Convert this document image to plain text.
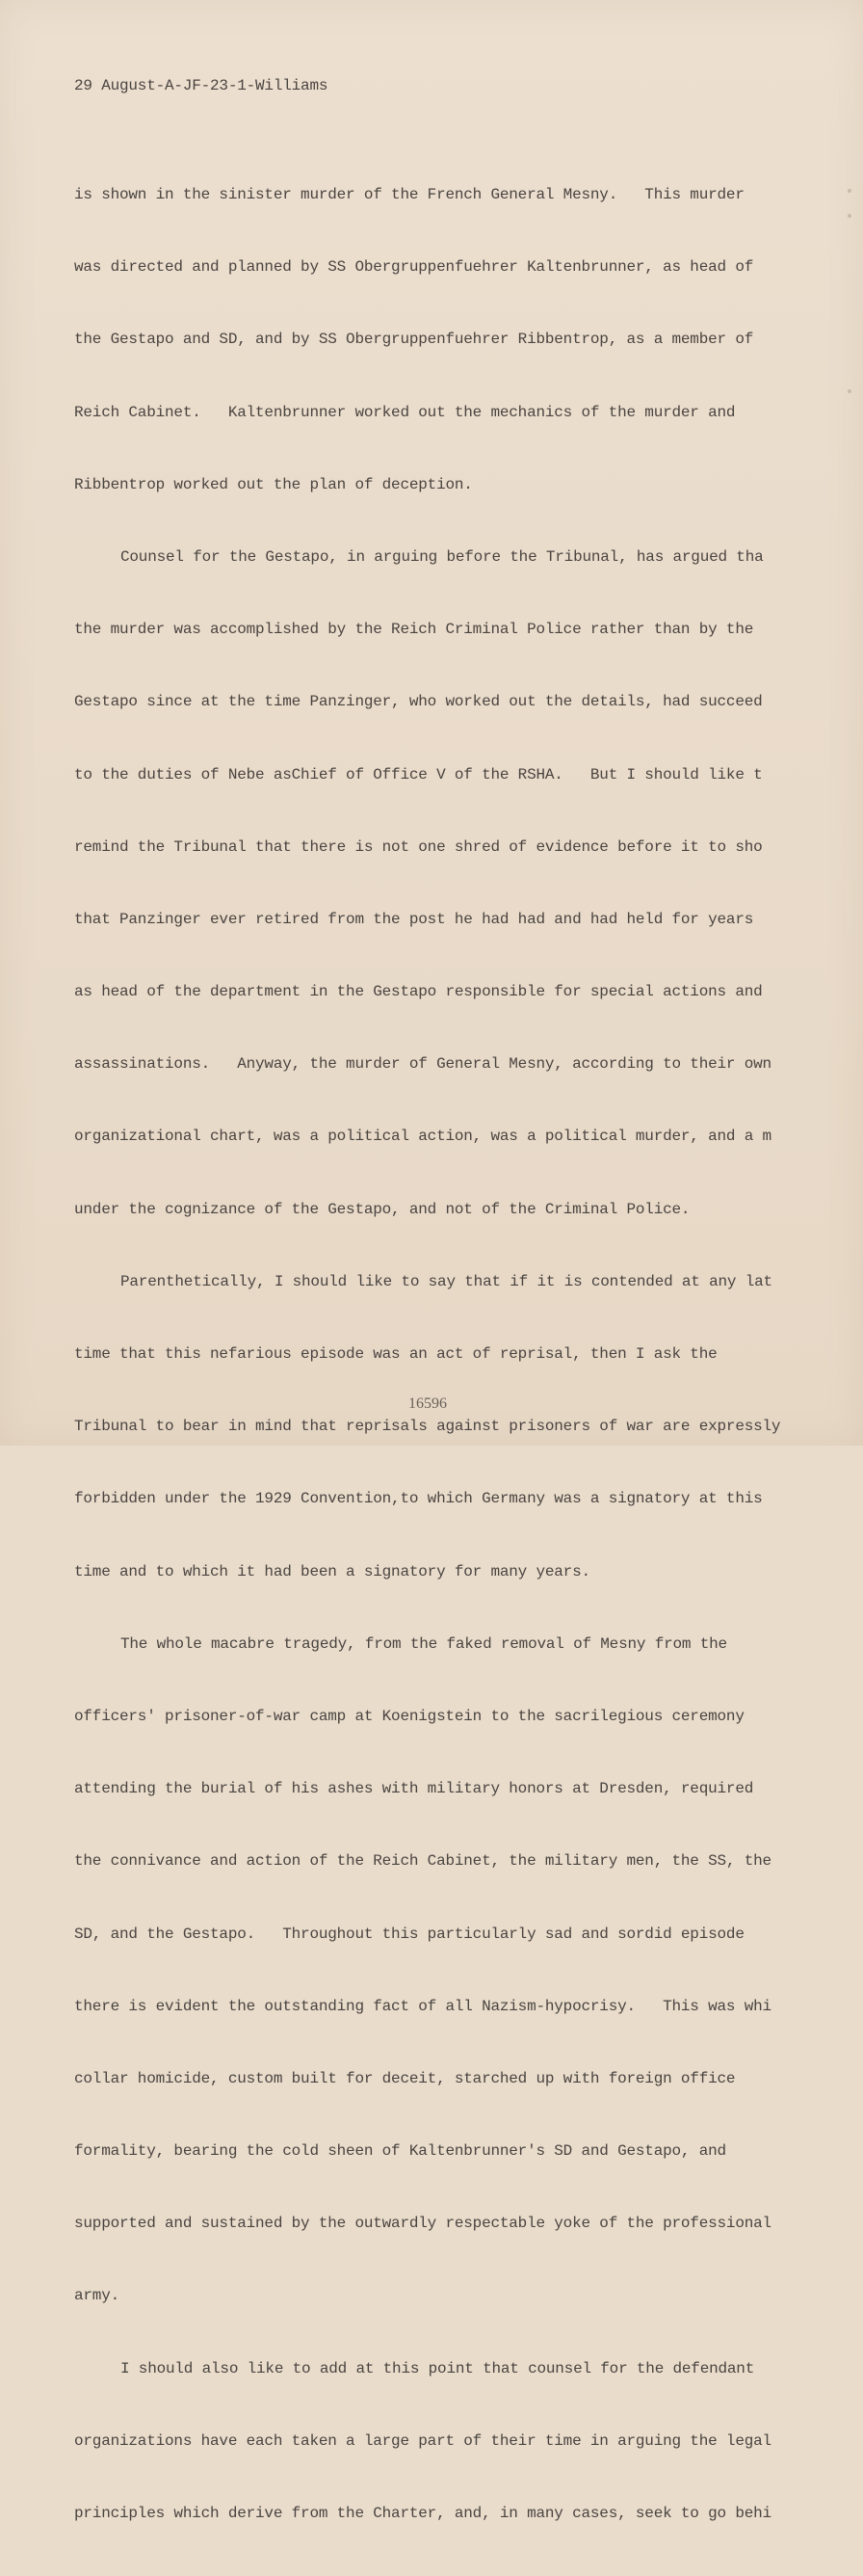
29 August-A-JF-23-1-Williams

is shown in the sinister murder of the French General Mesny.   This murder

was directed and planned by SS Obergruppenfuehrer Kaltenbrunner, as head of

the Gestapo and SD, and by SS Obergruppenfuehrer Ribbentrop, as a member of

Reich Cabinet.   Kaltenbrunner worked out the mechanics of the murder and

Ribbentrop worked out the plan of deception.

Counsel for the Gestapo, in arguing before the Tribunal, has argued tha

the murder was accomplished by the Reich Criminal Police rather than by the

Gestapo since at the time Panzinger, who worked out the details, had succeed

to the duties of Nebe asChief of Office V of the RSHA.   But I should like t

remind the Tribunal that there is not one shred of evidence before it to sho

that Panzinger ever retired from the post he had had and had held for years

as head of the department in the Gestapo responsible for special actions and

assassinations.   Anyway, the murder of General Mesny, according to their own

organizational chart, was a political action, was a political murder, and a m

under the cognizance of the Gestapo, and not of the Criminal Police.

Parenthetically, I should like to say that if it is contended at any lat

time that this nefarious episode was an act of reprisal, then I ask the

Tribunal to bear in mind that reprisals against prisoners of war are expressly

forbidden under the 1929 Convention,to which Germany was a signatory at this

time and to which it had been a signatory for many years.

The whole macabre tragedy, from the faked removal of Mesny from the

officers' prisoner-of-war camp at Koenigstein to the sacrilegious ceremony

attending the burial of his ashes with military honors at Dresden, required

the connivance and action of the Reich Cabinet, the military men, the SS, the

SD, and the Gestapo.   Throughout this particularly sad and sordid episode

there is evident the outstanding fact of all Nazism-hypocrisy.   This was whi

collar homicide, custom built for deceit, starched up with foreign office

formality, bearing the cold sheen of Kaltenbrunner's SD and Gestapo, and

supported and sustained by the outwardly respectable yoke of the professional

army.

I should also like to add at this point that counsel for the defendant

organizations have each taken a large part of their time in arguing the legal

principles which derive from the Charter, and, in many cases, seek to go behi

16596
